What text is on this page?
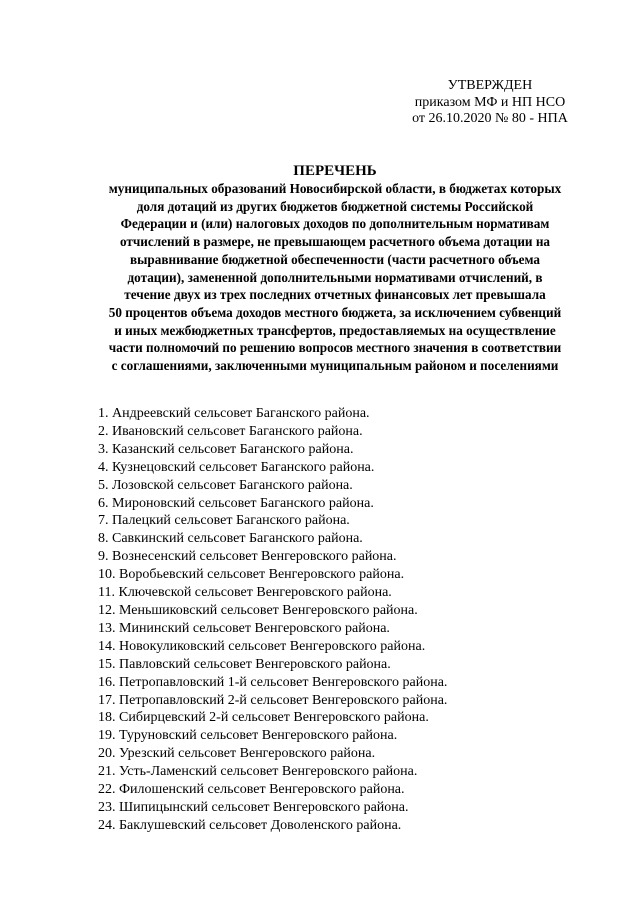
УТВЕРЖДЕН
приказом МФ и НП НСО
от 26.10.2020 № 80 - НПА
ПЕРЕЧЕНЬ
муниципальных образований Новосибирской области, в бюджетах которых
доля дотаций из других бюджетов бюджетной системы Российской
Федерации и (или) налоговых доходов по дополнительным нормативам
отчислений в размере, не превышающем расчетного объема дотации на
выравнивание бюджетной обеспеченности (части расчетного объема
дотации), замененной дополнительными нормативами отчислений, в
течение двух из трех последних отчетных финансовых лет превышала
50 процентов объема доходов местного бюджета, за исключением субвенций
и иных межбюджетных трансфертов, предоставляемых на осуществление
части полномочий по решению вопросов местного значения в соответствии
с соглашениями, заключенными муниципальным районом и поселениями
1. Андреевский сельсовет Баганского района.
2. Ивановский сельсовет Баганского района.
3. Казанский сельсовет Баганского района.
4. Кузнецовский сельсовет Баганского района.
5. Лозовской сельсовет Баганского района.
6. Мироновский сельсовет Баганского района.
7. Палецкий сельсовет Баганского района.
8. Савкинский сельсовет Баганского района.
9. Вознесенский сельсовет Венгеровского района.
10. Воробьевский сельсовет Венгеровского района.
11. Ключевской сельсовет Венгеровского района.
12. Меньшиковский сельсовет Венгеровского района.
13. Мининский сельсовет Венгеровского района.
14. Новокуликовский сельсовет Венгеровского района.
15. Павловский сельсовет Венгеровского района.
16. Петропавловский 1-й сельсовет Венгеровского района.
17. Петропавловский 2-й сельсовет Венгеровского района.
18. Сибирцевский 2-й сельсовет Венгеровского района.
19. Туруновский сельсовет Венгеровского района.
20. Урезский сельсовет Венгеровского района.
21. Усть-Ламенский сельсовет Венгеровского района.
22. Филошенский сельсовет Венгеровского района.
23. Шипицынский сельсовет Венгеровского района.
24. Баклушевский сельсовет Доволенского района.
